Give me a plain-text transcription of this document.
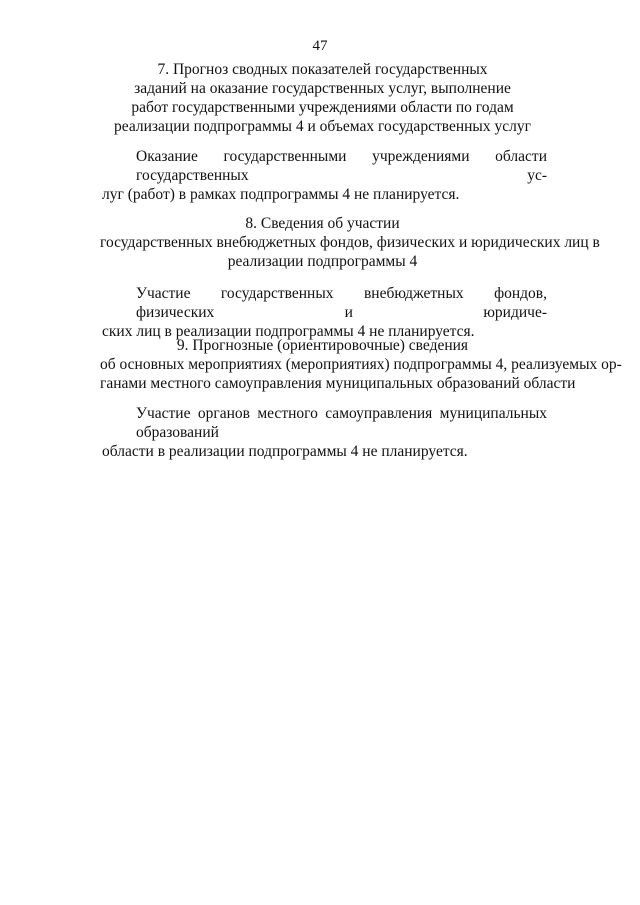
47
7. Прогноз сводных показателей государственных
заданий на оказание государственных услуг, выполнение
работ государственными учреждениями области по годам
реализации подпрограммы 4 и объемах государственных услуг
Оказание государственными учреждениями области государственных ус-
луг (работ) в рамках подпрограммы 4 не планируется.
8. Сведения об участии
государственных внебюджетных фондов, физических и юридических лиц в
реализации подпрограммы 4
Участие государственных внебюджетных фондов, физических и юридиче-
ских лиц в реализации подпрограммы 4 не планируется.
9. Прогнозные (ориентировочные) сведения
об основных мероприятиях (мероприятиях) подпрограммы 4, реализуемых ор-
ганами местного самоуправления муниципальных образований области
Участие органов местного самоуправления муниципальных образований
области в реализации подпрограммы 4 не планируется.
